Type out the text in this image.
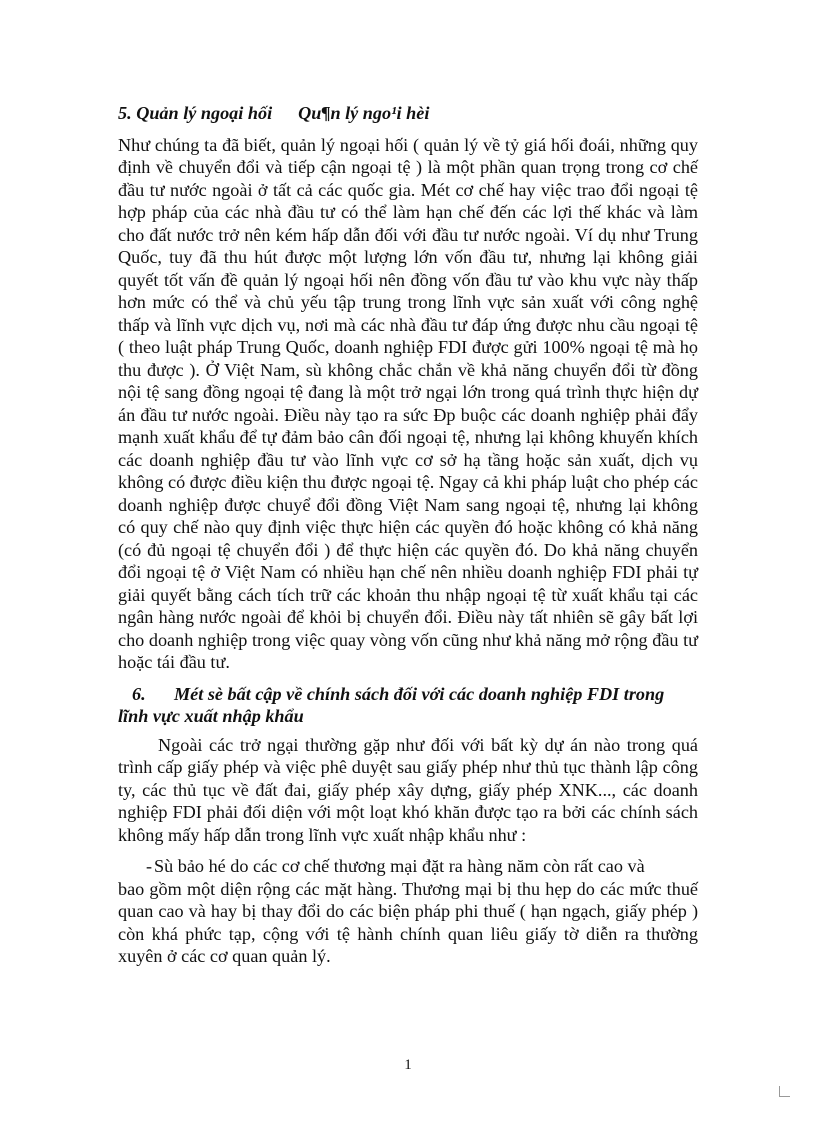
5. Quản lý ngoại hối Qu¶n lý ngo¹i hèi

Như chúng ta đã biết, quản lý ngoại hối ( quản lý về tỷ giá hối đoái, những quy định về chuyển đổi và tiếp cận ngoại tệ ) là một phần quan trọng trong cơ chế đầu tư nước ngoài ở tất cả các quốc gia. Mét cơ chế hay việc trao đổi ngoại tệ hợp pháp của các nhà đầu tư có thể làm hạn chế đến các lợi thế khác và làm cho đất nước trở nên kém hấp dẫn đối với đầu tư nước ngoài. Ví dụ như Trung Quốc, tuy đã thu hút được một lượng lớn vốn đầu tư, nhưng lại không giải quyết tốt vấn đề quản lý ngoại hối nên đồng vốn đầu tư vào khu vực này thấp hơn mức có thể và chủ yếu tập trung trong lĩnh vực sản xuất với công nghệ thấp và lĩnh vực dịch vụ, nơi mà các nhà đầu tư đáp ứng được nhu cầu ngoại tệ ( theo luật pháp Trung Quốc, doanh nghiệp FDI được gửi 100% ngoại tệ mà họ thu được ). Ở Việt Nam, sù không chắc chắn về khả năng chuyển đổi từ đồng nội tệ sang đồng ngoại tệ đang là một trở ngại lớn trong quá trình thực hiện dự án đầu tư nước ngoài. Điều này tạo ra sức Ðp buộc các doanh nghiệp phải đẩy mạnh xuất khẩu để tự đảm bảo cân đối ngoại tệ, nhưng lại không khuyến khích các doanh nghiệp đầu tư vào lĩnh vực cơ sở hạ tầng hoặc sản xuất, dịch vụ không có được điều kiện thu được ngoại tệ. Ngay cả khi pháp luật cho phép các doanh nghiệp được chuyể đổi đồng Việt Nam sang ngoại tệ, nhưng lại không có quy chế nào quy định việc thực hiện các quyền đó hoặc không có khả năng (có đủ ngoại tệ chuyển đổi ) để thực hiện các quyền đó. Do khả năng chuyển đổi ngoại tệ ở Việt Nam có nhiều hạn chế nên nhiều doanh nghiệp FDI phải tự giải quyết bằng cách tích trữ các khoản thu nhập ngoại tệ từ xuất khẩu tại các ngân hàng nước ngoài để khỏi bị chuyển đổi. Điều này tất nhiên sẽ gây bất lợi cho doanh nghiệp trong việc quay vòng vốn cũng như khả năng mở rộng đầu tư hoặc tái đầu tư.

6.	Mét sè bất cập về chính sách đối với các doanh nghiệp FDI trong
lĩnh vực xuất nhập khẩu

Ngoài các trở ngại thường gặp như đối với bất kỳ dự án nào trong quá trình cấp giấy phép và việc phê duyệt sau giấy phép như thủ tục thành lập công ty, các thủ tục về đất đai, giấy phép xây dựng, giấy phép XNK..., các doanh nghiệp FDI phải đối diện với một loạt khó khăn được tạo ra bởi các chính sách không mấy hấp dẫn trong lĩnh vực xuất nhập khẩu như :

- Sù bảo hé do các cơ chế thương mại đặt ra hàng năm còn rất cao và

bao gồm một diện rộng các mặt hàng. Thương mại bị thu hẹp do các mức thuế quan cao và hay bị thay đổi do các biện pháp phi thuế ( hạn ngạch, giấy phép ) còn khá phức tạp, cộng với tệ hành chính quan liêu giấy tờ diễn ra thường xuyên ở các cơ quan quản lý.

1
